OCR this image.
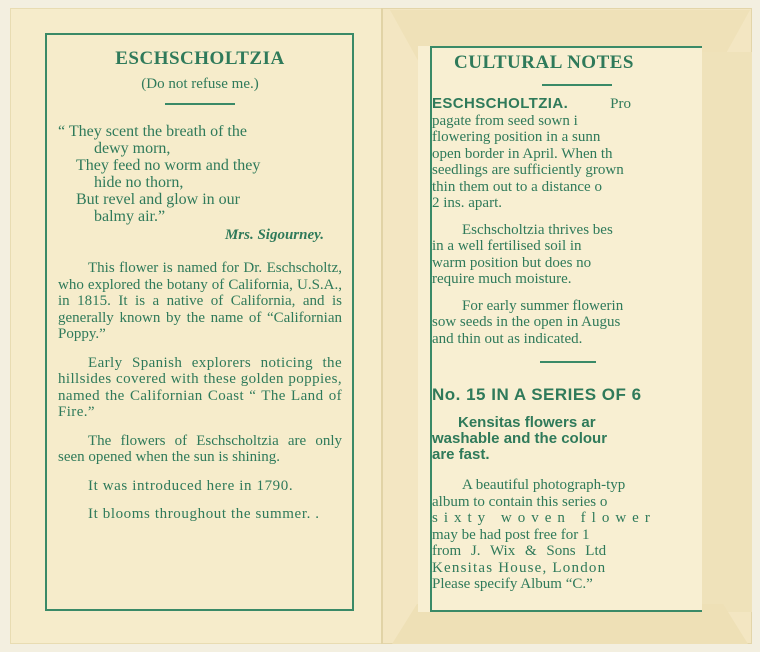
ESCHSCHOLTZIA

(Do not refuse me.)

“ They scent the breath of the
dewy morn,
They feed no worm and they
hide no thorn,
But revel and glow in our
balmy air.”
Mrs. Sigourney.

This flower is named for Dr. Eschscholtz, who explored the botany of California, U.S.A., in 1815. It is a native of California, and is generally known by the name of “Californian Poppy.”

Early Spanish explorers noticing the hillsides covered with these golden poppies, named the Californian Coast “ The Land of Fire.”

The flowers of Eschscholtzia are only seen opened when the sun is shining.

It was introduced here in 1790.

It blooms throughout the summer. .

CULTURAL NOTES

ESCHSCHOLTZIA.	Pro
pagate from seed sown i
flowering position in a sunn
open border in April. When th
seedlings are sufficiently grown
thin them out to a distance o
2 ins. apart.
Eschscholtzia thrives bes
in a well fertilised soil in
warm position but does no
require much moisture.
For early summer flowerin
sow seeds in the open in Augus
and thin out as indicated.
No. 15 IN A SERIES OF 6
Kensitas flowers ar
washable and the colour
are fast.
A beautiful photograph-typ
album to contain this series o
sixty woven flower
may be had post free for 1
from J. Wix & Sons Ltd
Kensitas House, London
Please specify Album “C.”
